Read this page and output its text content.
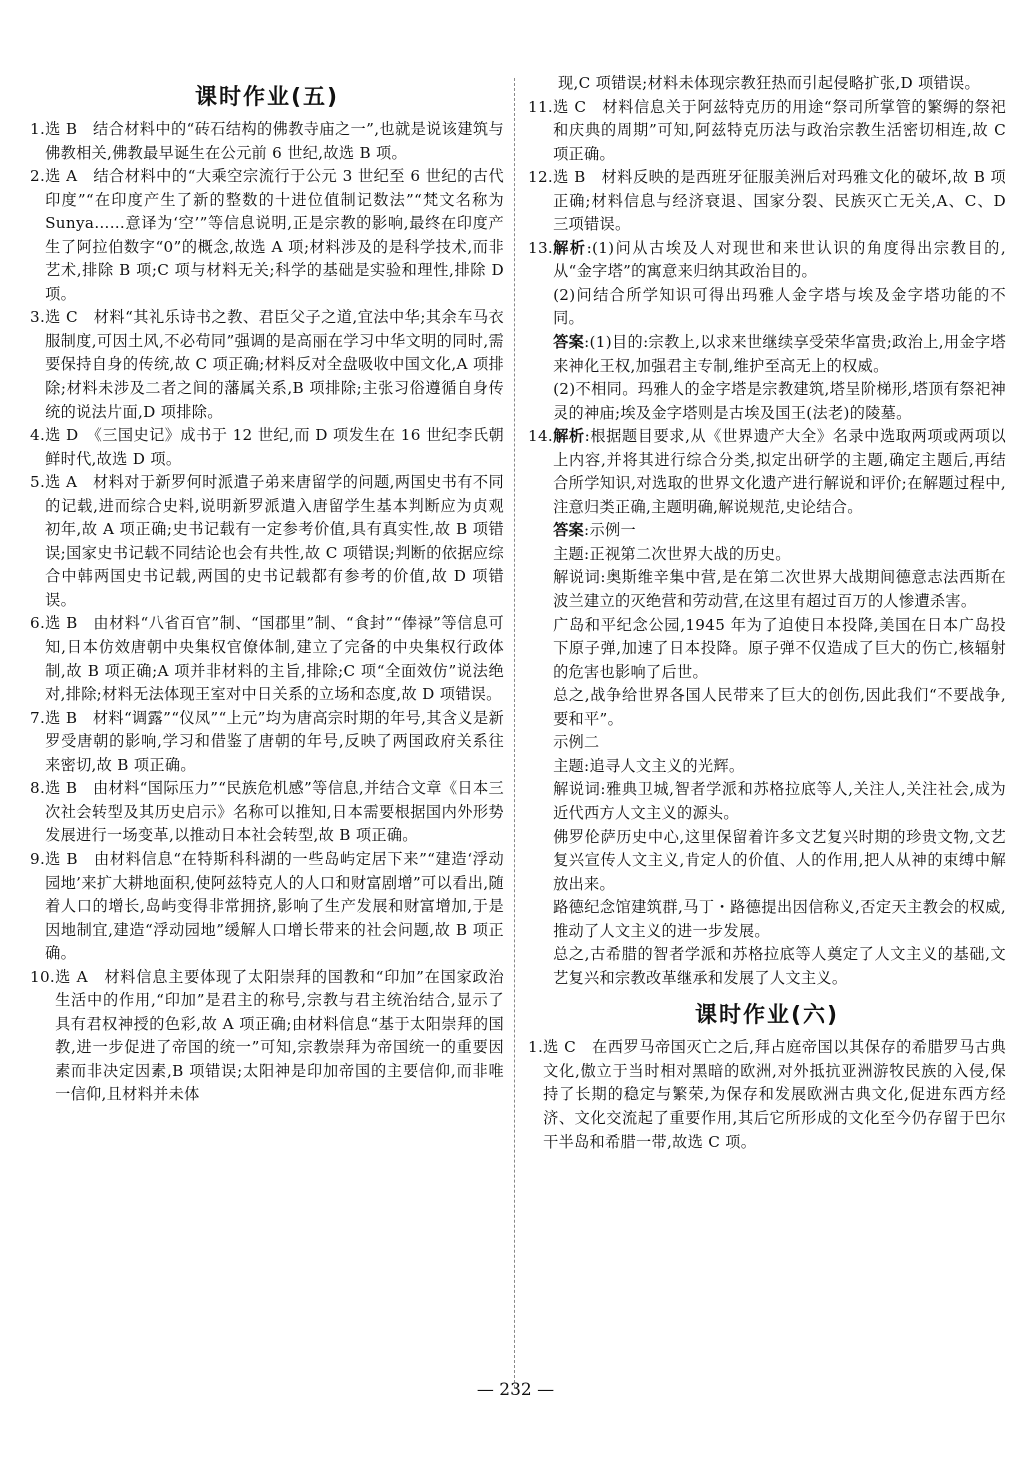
课时作业(五)
1. 选 B　结合材料中的“砖石结构的佛教寺庙之一”,也就是说该建筑与佛教相关,佛教最早诞生在公元前 6 世纪,故选 B 项。
2. 选 A　结合材料中的“大乘空宗流行于公元 3 世纪至 6 世纪的古代印度”“在印度产生了新的整数的十进位值制记数法”“梵文名称为 Sunya……意译为‘空’”等信息说明,正是宗教的影响,最终在印度产生了阿拉伯数字“0”的概念,故选 A 项;材料涉及的是科学技术,而非艺术,排除 B 项;C 项与材料无关;科学的基础是实验和理性,排除 D 项。
3. 选 C　材料“其礼乐诗书之教、君臣父子之道,宜法中华;其余车马衣服制度,可因土风,不必苟同”强调的是高丽在学习中华文明的同时,需要保持自身的传统,故 C 项正确;材料反对全盘吸收中国文化,A 项排除;材料未涉及二者之间的藩属关系,B 项排除;主张习俗遵循自身传统的说法片面,D 项排除。
4. 选 D　《三国史记》成书于 12 世纪,而 D 项发生在 16 世纪李氏朝鲜时代,故选 D 项。
5. 选 A　材料对于新罗何时派遣子弟来唐留学的问题,两国史书有不同的记载,进而综合史料,说明新罗派遣入唐留学生基本判断应为贞观初年,故 A 项正确;史书记载有一定参考价值,具有真实性,故 B 项错误;国家史书记载不同结论也会有共性,故 C 项错误;判断的依据应综合中韩两国史书记载,两国的史书记载都有参考的价值,故 D 项错误。
6. 选 B　由材料“八省百官”制、“国郡里”制、“食封”“俸禄”等信息可知,日本仿效唐朝中央集权官僚体制,建立了完备的中央集权行政体制,故 B 项正确;A 项并非材料的主旨,排除;C 项“全面效仿”说法绝对,排除;材料无法体现王室对中日关系的立场和态度,故 D 项错误。
7. 选 B　材料“调露”“仪凤”“上元”均为唐高宗时期的年号,其含义是新罗受唐朝的影响,学习和借鉴了唐朝的年号,反映了两国政府关系往来密切,故 B 项正确。
8. 选 B　由材料“国际压力”“民族危机感”等信息,并结合文章《日本三次社会转型及其历史启示》名称可以推知,日本需要根据国内外形势发展进行一场变革,以推动日本社会转型,故 B 项正确。
9. 选 B　由材料信息“在特斯科科湖的一些岛屿定居下来”“建造‘浮动园地’来扩大耕地面积,使阿兹特克人的人口和财富剧增”可以看出,随着人口的增长,岛屿变得非常拥挤,影响了生产发展和财富增加,于是因地制宜,建造“浮动园地”缓解人口增长带来的社会问题,故 B 项正确。
10. 选 A　材料信息主要体现了太阳崇拜的国教和“印加”在国家政治生活中的作用,“印加”是君主的称号,宗教与君主统治结合,显示了具有君权神授的色彩,故 A 项正确;由材料信息“基于太阳崇拜的国教,进一步促进了帝国的统一”可知,宗教崇拜为帝国统一的重要因素而非决定因素,B 项错误;太阳神是印加帝国的主要信仰,而非唯一信仰,且材料并未体

现,C 项错误;材料未体现宗教狂热而引起侵略扩张,D 项错误。

11. 选 C　材料信息关于阿兹特克历的用途“祭司所掌管的繁缛的祭祀和庆典的周期”可知,阿兹特克历法与政治宗教生活密切相连,故 C 项正确。
12. 选 B　材料反映的是西班牙征服美洲后对玛雅文化的破坏,故 B 项正确;材料信息与经济衰退、国家分裂、民族灭亡无关,A、C、D 三项错误。
13. 解析:(1)问从古埃及人对现世和来世认识的角度得出宗教目的,从“金字塔”的寓意来归纳其政治目的。
(2)问结合所学知识可得出玛雅人金字塔与埃及金字塔功能的不同。
答案:(1)目的:宗教上,以求来世继续享受荣华富贵;政治上,用金字塔来神化王权,加强君主专制,维护至高无上的权威。
(2)不相同。玛雅人的金字塔是宗教建筑,塔呈阶梯形,塔顶有祭祀神灵的神庙;埃及金字塔则是古埃及国王(法老)的陵墓。
14. 解析:根据题目要求,从《世界遗产大全》名录中选取两项或两项以上内容,并将其进行综合分类,拟定出研学的主题,确定主题后,再结合所学知识,对选取的世界文化遗产进行解说和评价;在解题过程中,注意归类正确,主题明确,解说规范,史论结合。
答案:示例一
主题:正视第二次世界大战的历史。
解说词:奥斯维辛集中营,是在第二次世界大战期间德意志法西斯在波兰建立的灭绝营和劳动营,在这里有超过百万的人惨遭杀害。
广岛和平纪念公园,1945 年为了迫使日本投降,美国在日本广岛投下原子弹,加速了日本投降。原子弹不仅造成了巨大的伤亡,核辐射的危害也影响了后世。
总之,战争给世界各国人民带来了巨大的创伤,因此我们“不要战争,要和平”。
示例二
主题:追寻人文主义的光辉。
解说词:雅典卫城,智者学派和苏格拉底等人,关注人,关注社会,成为近代西方人文主义的源头。
佛罗伦萨历史中心,这里保留着许多文艺复兴时期的珍贵文物,文艺复兴宣传人文主义,肯定人的价值、人的作用,把人从神的束缚中解放出来。
路德纪念馆建筑群,马丁・路德提出因信称义,否定天主教会的权威,推动了人文主义的进一步发展。
总之,古希腊的智者学派和苏格拉底等人奠定了人文主义的基础,文艺复兴和宗教改革继承和发展了人文主义。
课时作业(六)
1. 选 C　在西罗马帝国灭亡之后,拜占庭帝国以其保存的希腊罗马古典文化,傲立于当时相对黑暗的欧洲,对外抵抗亚洲游牧民族的入侵,保持了长期的稳定与繁荣,为保存和发展欧洲古典文化,促进东西方经济、文化交流起了重要作用,其后它所形成的文化至今仍存留于巴尔干半岛和希腊一带,故选 C 项。
— 232 —
